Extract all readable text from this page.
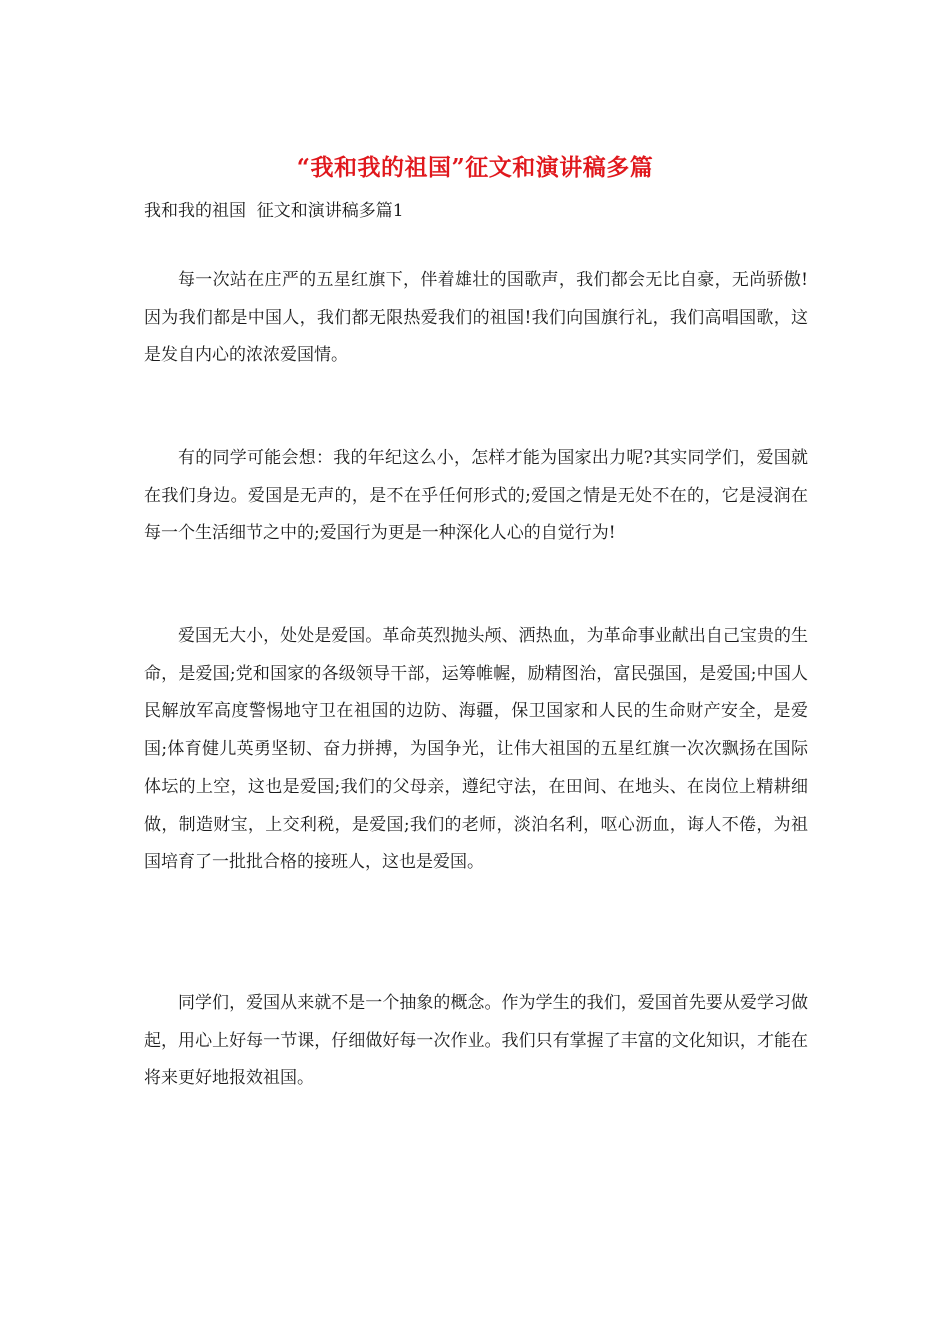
“我和我的祖国”征文和演讲稿多篇
我和我的祖国  征文和演讲稿多篇1

每一次站在庄严的五星红旗下，伴着雄壮的国歌声，我们都会无比自豪，无尚骄傲!因为我们都是中国人，我们都无限热爱我们的祖国!我们向国旗行礼，我们高唱国歌，这是发自内心的浓浓爱国情。

有的同学可能会想：我的年纪这么小，怎样才能为国家出力呢?其实同学们，爱国就在我们身边。爱国是无声的，是不在乎任何形式的;爱国之情是无处不在的，它是浸润在每一个生活细节之中的;爱国行为更是一种深化人心的自觉行为!

爱国无大小，处处是爱国。革命英烈抛头颅、洒热血，为革命事业献出自己宝贵的生命，是爱国;党和国家的各级领导干部，运筹帷幄，励精图治，富民强国，是爱国;中国人民解放军高度警惕地守卫在祖国的边防、海疆，保卫国家和人民的生命财产安全，是爱国;体育健儿英勇坚韧、奋力拼搏，为国争光，让伟大祖国的五星红旗一次次飘扬在国际体坛的上空，这也是爱国;我们的父母亲，遵纪守法，在田间、在地头、在岗位上精耕细做，制造财宝，上交利税，是爱国;我们的老师，淡泊名利，呕心沥血，诲人不倦，为祖国培育了一批批合格的接班人，这也是爱国。

同学们，爱国从来就不是一个抽象的概念。作为学生的我们，爱国首先要从爱学习做起，用心上好每一节课，仔细做好每一次作业。我们只有掌握了丰富的文化知识，才能在将来更好地报效祖国。
